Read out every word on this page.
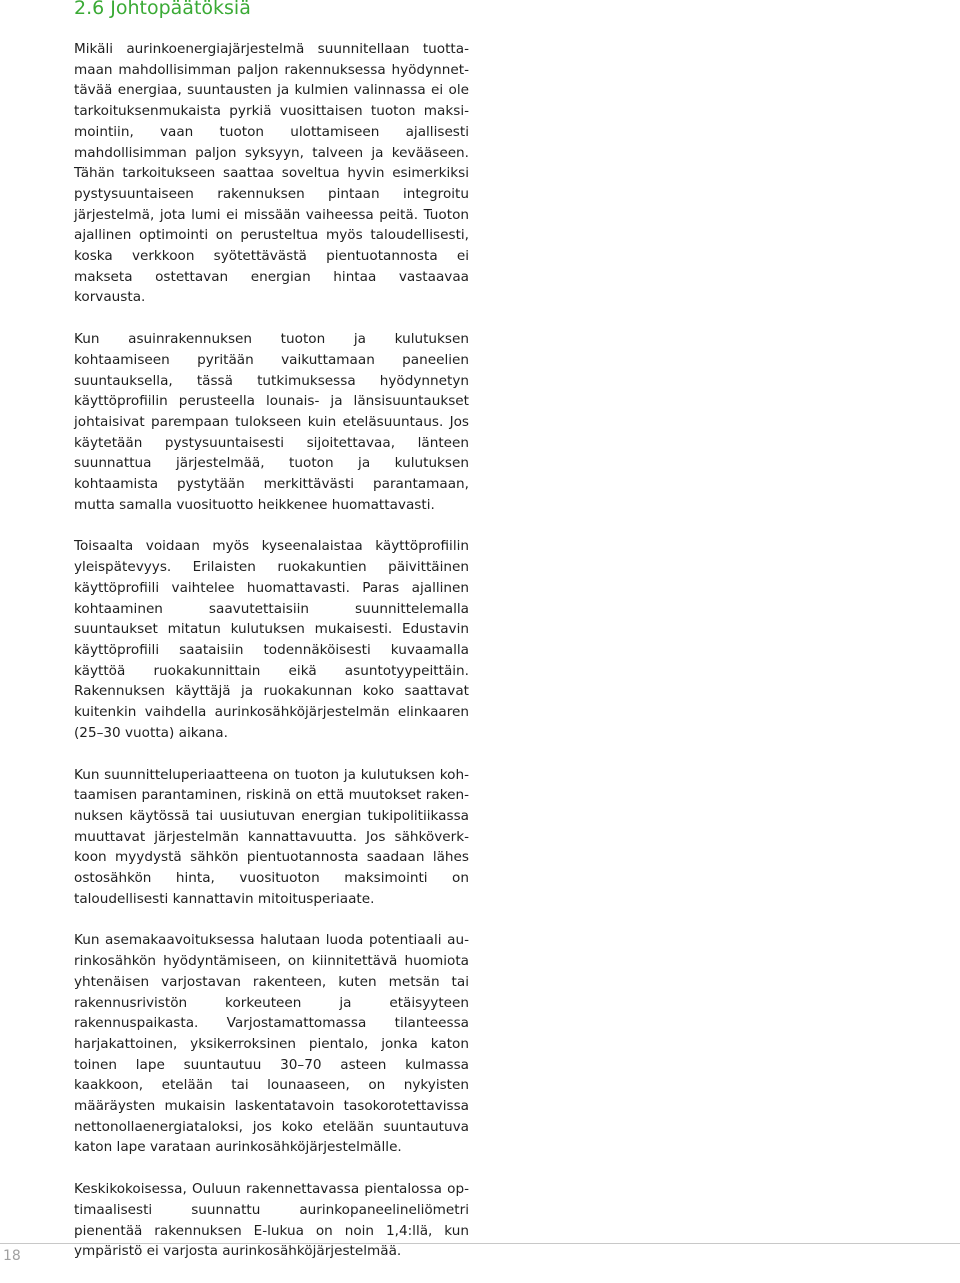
2.6 Johtopäätöksiä

Mikäli aurinkoenergiajärjestelmä suunnitellaan tuottamaan mahdollisimman paljon rakennuksessa hyödynnettävää energiaa, suuntausten ja kulmien valinnassa ei ole tarkoituksenmukaista pyrkiä vuosittaisen tuoton maksimointiin, vaan tuoton ulottamiseen ajallisesti mahdollisimman paljon syksyyn, talveen ja kevääseen. Tähän tarkoitukseen saattaa soveltua hyvin esimerkiksi pystysuuntaiseen rakennuksen pintaan integroitu järjestelmä, jota lumi ei missään vaiheessa peitä. Tuoton ajallinen optimointi on perusteltua myös taloudellisesti, koska verkkoon syötettävästä pientuotannosta ei makseta ostettavan energian hintaa vastaavaa korvausta.

Kun asuinrakennuksen tuoton ja kulutuksen kohtaamiseen pyritään vaikuttamaan paneelien suuntauksella, tässä tutkimuksessa hyödynnetyn käyttöprofiilin perusteella lounais- ja länsisuuntaukset johtaisivat parempaan tulokseen kuin eteläsuuntaus. Jos käytetään pystysuuntaisesti sijoitettavaa, länteen suunnattua järjestelmää, tuoton ja kulutuksen kohtaamista pystytään merkittävästi parantamaan, mutta samalla vuosituotto heikkenee huomattavasti.

Toisaalta voidaan myös kyseenalaistaa käyttöprofiilin yleispätevyys. Erilaisten ruokakuntien päivittäinen käyttöprofiili vaihtelee huomattavasti. Paras ajallinen kohtaaminen saavutettaisiin suunnittelemalla suuntaukset mitatun kulutuksen mukaisesti. Edustavin käyttöprofiili saataisiin todennäköisesti kuvaamalla käyttöä ruokakunnittain eikä asuntotyypeittäin. Rakennuksen käyttäjä ja ruokakunnan koko saattavat kuitenkin vaihdella aurinkosähköjärjestelmän elinkaaren (25–30 vuotta) aikana.

Kun suunnitteluperiaatteena on tuoton ja kulutuksen kohtaamisen parantaminen, riskinä on että muutokset rakennuksen käytössä tai uusiutuvan energian tukipolitiikassa muuttavat järjestelmän kannattavuutta. Jos sähköverkkoon myydystä sähkön pientuotannosta saadaan lähes ostosähkön hinta, vuosituoton maksimointi on taloudellisesti kannattavin mitoitusperiaate.

Kun asemakaavoituksessa halutaan luoda potentiaali aurinkosähkön hyödyntämiseen, on kiinnitettävä huomiota yhtenäisen varjostavan rakenteen, kuten metsän tai rakennusrivistön korkeuteen ja etäisyyteen rakennuspaikasta. Varjostamattomassa tilanteessa harjakattoinen, yksikerroksinen pientalo, jonka katon toinen lape suuntautuu 30–70 asteen kulmassa kaakkoon, etelään tai lounaaseen, on nykyisten määräysten mukaisin laskentatavoin tasokorotettavissa nettonollaenergiataloksi, jos koko etelään suuntautuva katon lape varataan aurinkosähköjärjestelmälle.

Keskikokoisessa, Ouluun rakennettavassa pientalossa optimaalisesti suunnattu aurinkopaneelineliömetri pienentää rakennuksen E-lukua on noin 1,4:llä, kun ympäristö ei varjosta aurinkosähköjärjestelmää.

18
